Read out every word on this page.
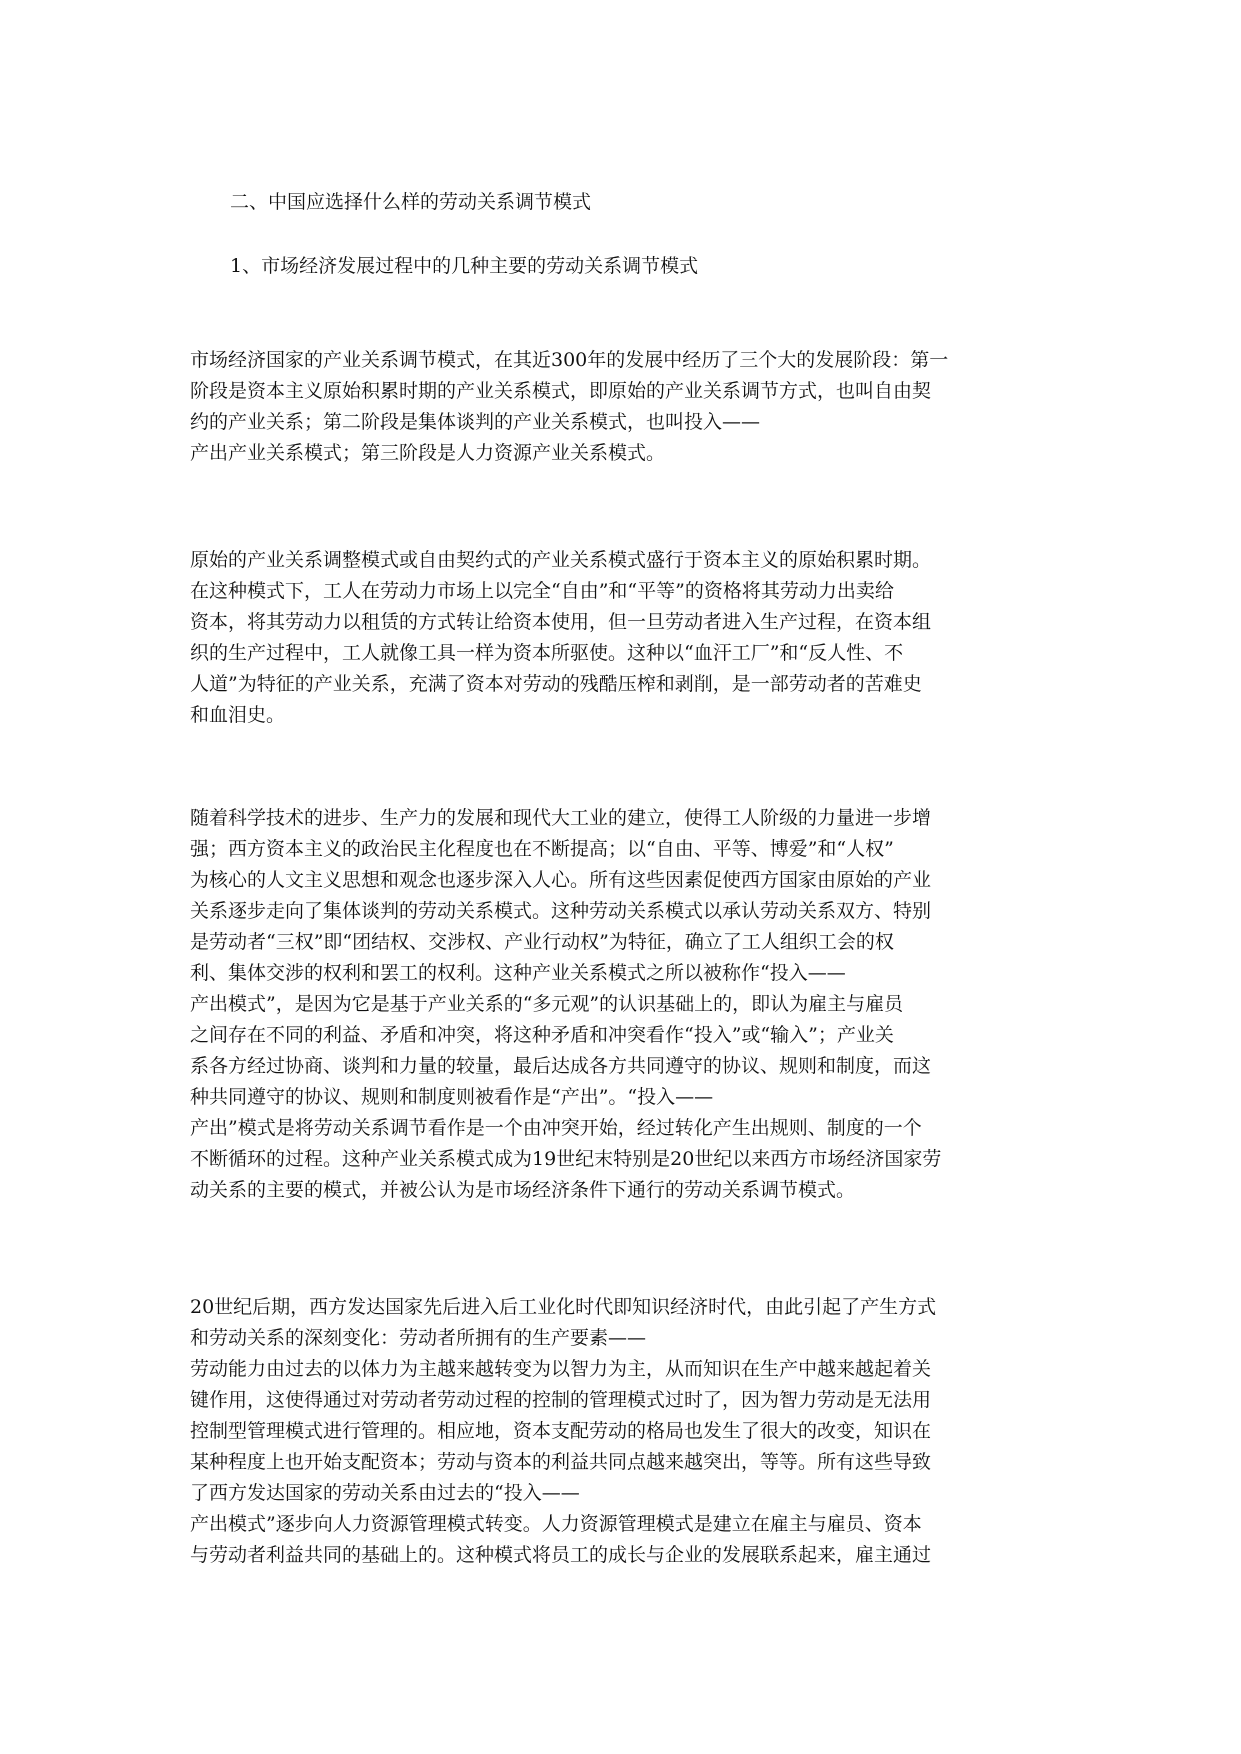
二、中国应选择什么样的劳动关系调节模式
1、市场经济发展过程中的几种主要的劳动关系调节模式
市场经济国家的产业关系调节模式，在其近300年的发展中经历了三个大的发展阶段：第一
阶段是资本主义原始积累时期的产业关系模式，即原始的产业关系调节方式，也叫自由契
约的产业关系；第二阶段是集体谈判的产业关系模式，也叫投入——
产出产业关系模式；第三阶段是人力资源产业关系模式。
原始的产业关系调整模式或自由契约式的产业关系模式盛行于资本主义的原始积累时期。
在这种模式下，工人在劳动力市场上以完全“自由”和“平等”的资格将其劳动力出卖给
资本，将其劳动力以租赁的方式转让给资本使用，但一旦劳动者进入生产过程，在资本组
织的生产过程中，工人就像工具一样为资本所驱使。这种以“血汗工厂”和“反人性、不
人道”为特征的产业关系，充满了资本对劳动的残酷压榨和剥削，是一部劳动者的苦难史
和血泪史。
随着科学技术的进步、生产力的发展和现代大工业的建立，使得工人阶级的力量进一步增
强；西方资本主义的政治民主化程度也在不断提高；以“自由、平等、博爱”和“人权”
为核心的人文主义思想和观念也逐步深入人心。所有这些因素促使西方国家由原始的产业
关系逐步走向了集体谈判的劳动关系模式。这种劳动关系模式以承认劳动关系双方、特别
是劳动者“三权”即“团结权、交涉权、产业行动权”为特征，确立了工人组织工会的权
利、集体交涉的权利和罢工的权利。这种产业关系模式之所以被称作“投入——
产出模式”，是因为它是基于产业关系的“多元观”的认识基础上的，即认为雇主与雇员
之间存在不同的利益、矛盾和冲突，将这种矛盾和冲突看作“投入”或“输入”；产业关
系各方经过协商、谈判和力量的较量，最后达成各方共同遵守的协议、规则和制度，而这
种共同遵守的协议、规则和制度则被看作是“产出”。“投入——
产出”模式是将劳动关系调节看作是一个由冲突开始，经过转化产生出规则、制度的一个
不断循环的过程。这种产业关系模式成为19世纪末特别是20世纪以来西方市场经济国家劳
动关系的主要的模式，并被公认为是市场经济条件下通行的劳动关系调节模式。
20世纪后期，西方发达国家先后进入后工业化时代即知识经济时代，由此引起了产生方式
和劳动关系的深刻变化：劳动者所拥有的生产要素——
劳动能力由过去的以体力为主越来越转变为以智力为主，从而知识在生产中越来越起着关
键作用，这使得通过对劳动者劳动过程的控制的管理模式过时了，因为智力劳动是无法用
控制型管理模式进行管理的。相应地，资本支配劳动的格局也发生了很大的改变，知识在
某种程度上也开始支配资本；劳动与资本的利益共同点越来越突出，等等。所有这些导致
了西方发达国家的劳动关系由过去的“投入——
产出模式”逐步向人力资源管理模式转变。人力资源管理模式是建立在雇主与雇员、资本
与劳动者利益共同的基础上的。这种模式将员工的成长与企业的发展联系起来，雇主通过
